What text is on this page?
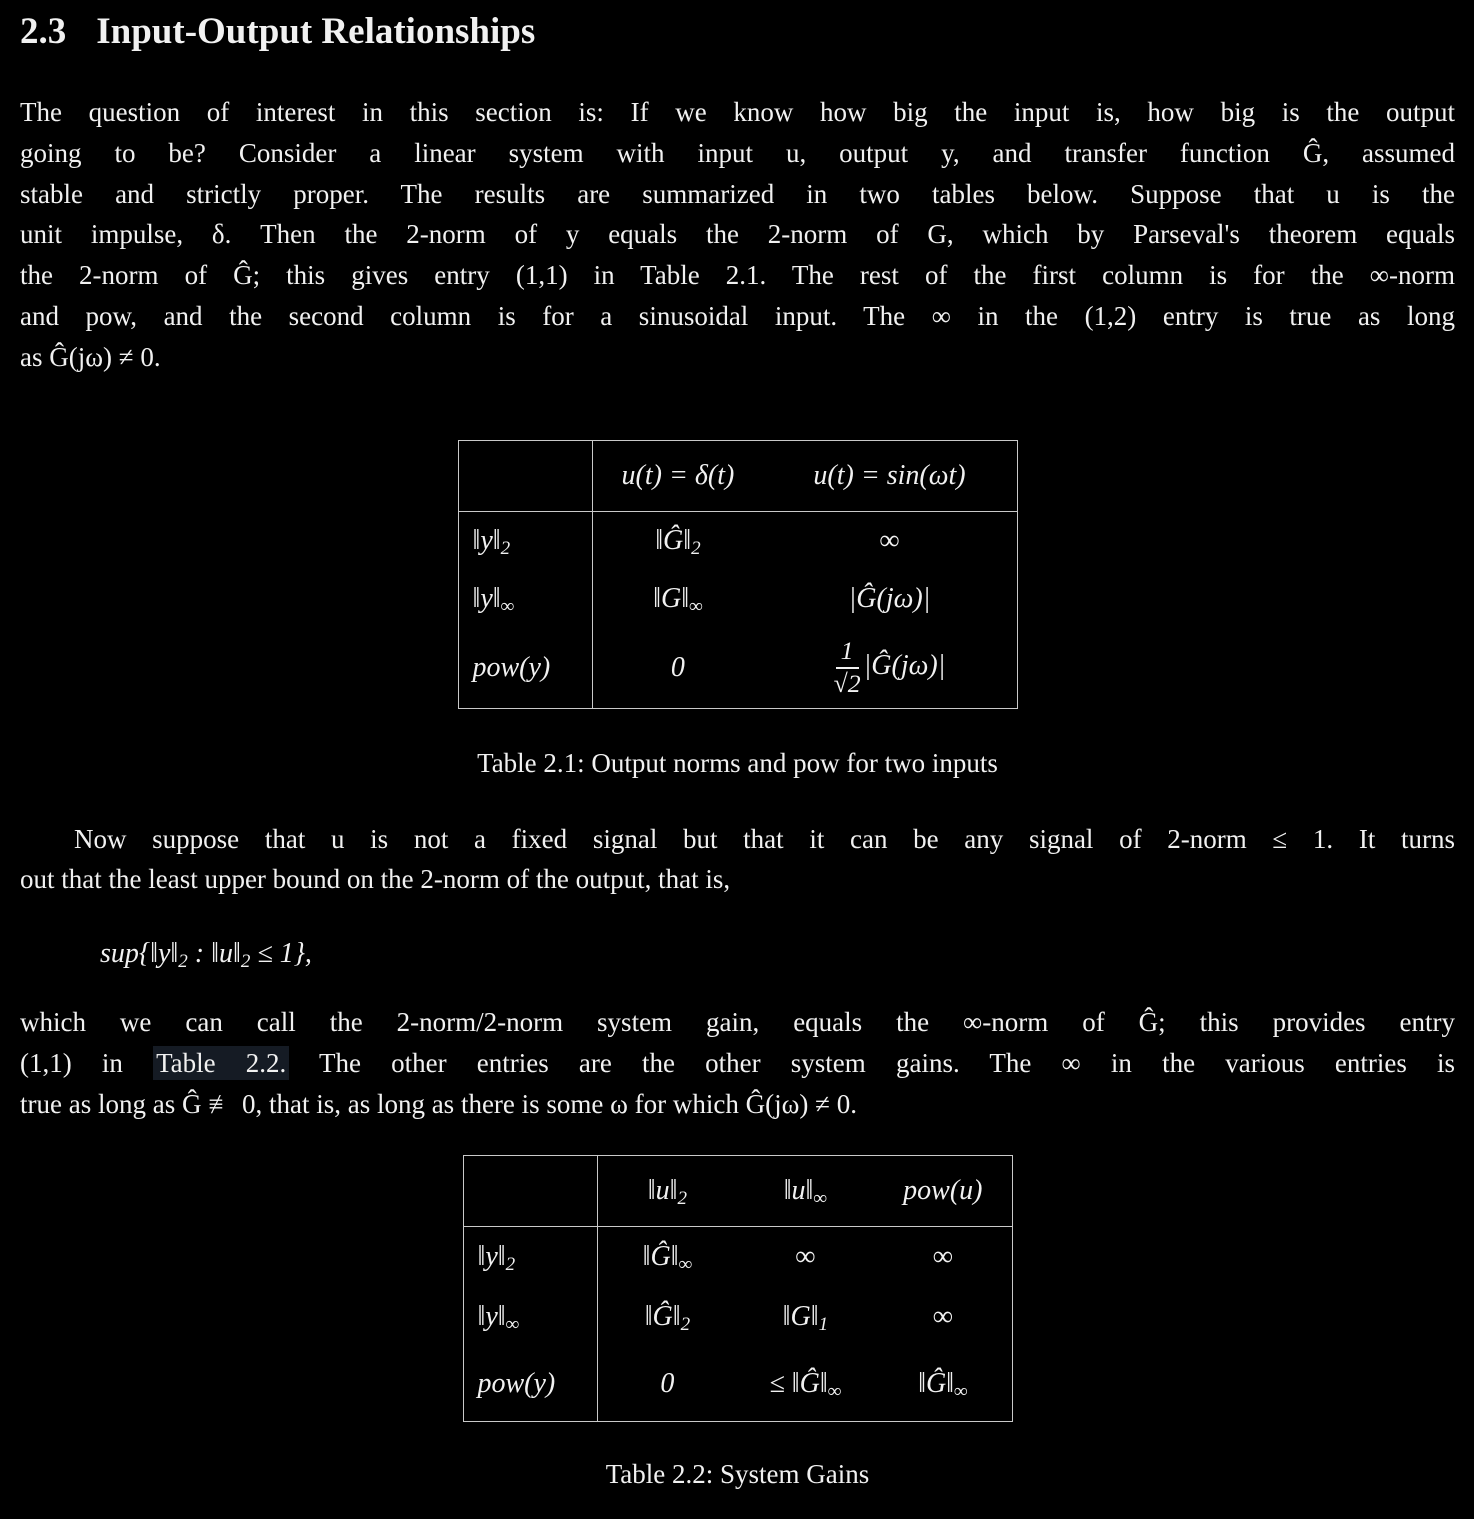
2.3 Input-Output Relationships
The question of interest in this section is: If we know how big the input is, how big is the output
going to be? Consider a linear system with input u, output y, and transfer function Ĝ, assumed
stable and strictly proper. The results are summarized in two tables below. Suppose that u is the
unit impulse, δ. Then the 2-norm of y equals the 2-norm of G, which by Parseval's theorem equals
the 2-norm of Ĝ; this gives entry (1,1) in Table 2.1. The rest of the first column is for the ∞-norm
and pow, and the second column is for a sinusoidal input. The ∞ in the (1,2) entry is true as long
as Ĝ(jω) ≠ 0.
	u(t) = δ(t)	u(t) = sin(ωt)
$‖y‖_2$	$‖Ĝ‖_2$	∞
$‖y‖_\infty$	$‖G‖_\infty$	|Ĝ(jω)|
pow(y)	0	$\frac{1}{√2}$ |Ĝ(jω)|
Table 2.1: Output norms and pow for two inputs
Now suppose that u is not a fixed signal but that it can be any signal of 2-norm ≤ 1. It turns
out that the least upper bound on the 2-norm of the output, that is,
$sup\{‖y‖_2$ : $‖u‖_2 \le 1$},
which we can call the 2-norm/2-norm system gain, equals the ∞-norm of Ĝ; this provides entry
(1,1) in Table 2.2. The other entries are the other system gains. The ∞ in the various entries is
true as long as Ĝ ≢ 0, that is, as long as there is some ω for which Ĝ(jω) ≠ 0.
	$‖u‖_2$	$‖u‖_\infty$	pow(u)
$‖y‖_2$	$‖Ĝ‖_\infty$	∞	∞
$‖y‖_\infty$	$‖Ĝ‖_2$	$‖G‖_1$	∞
pow(y)	0	≤ $‖Ĝ‖_\infty$	$‖Ĝ‖_\infty$
Table 2.2: System Gains
